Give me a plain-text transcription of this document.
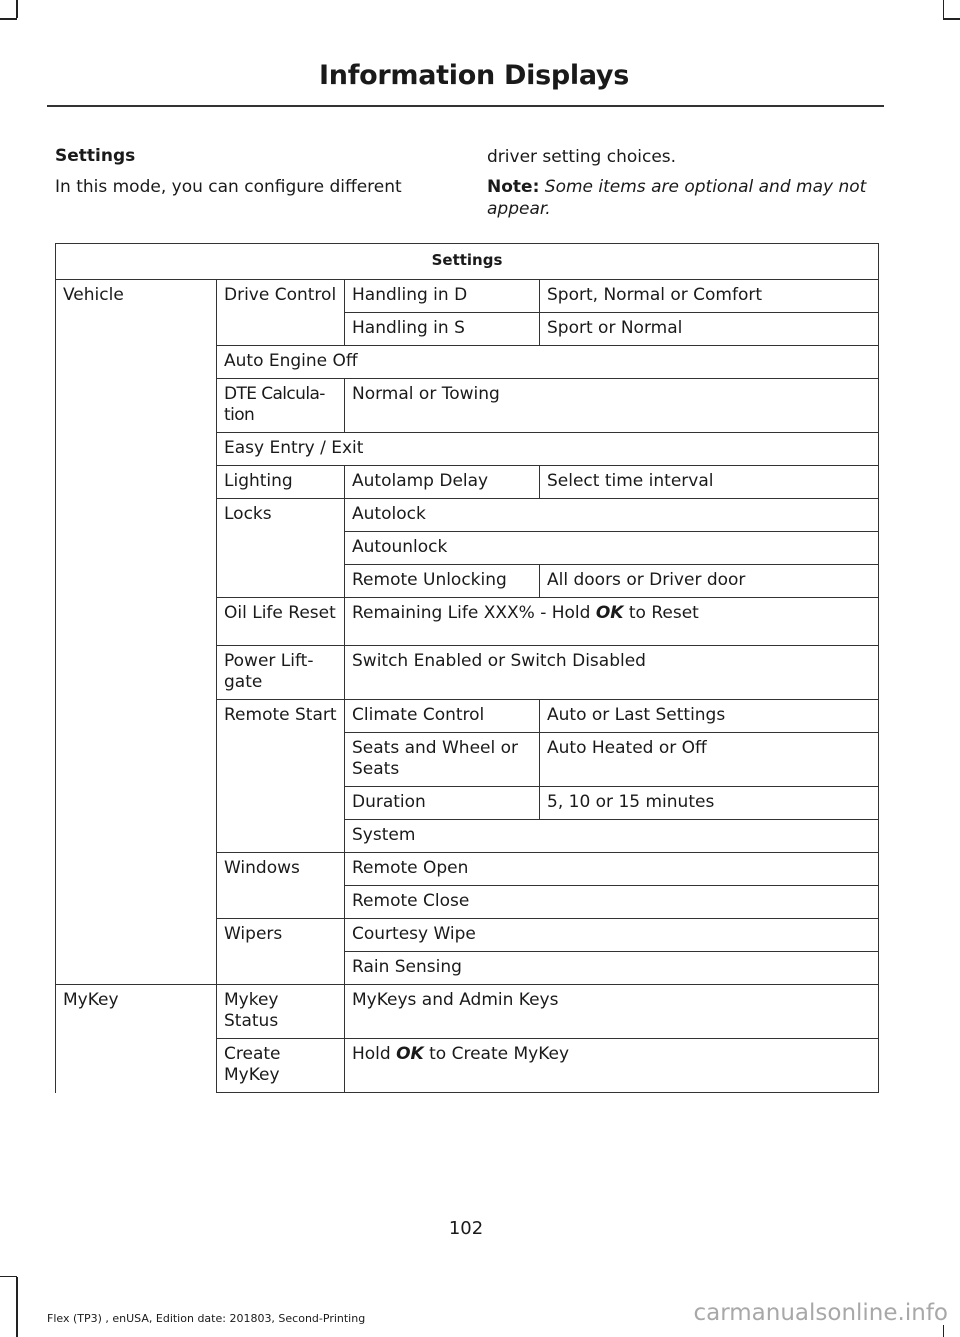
Information Displays
Settings
In this mode, you can configure different
driver setting choices.
Note: Some items are optional and may not appear.
Settings			
Vehicle	Drive Control	Handling in D	Sport, Normal or Comfort
		Handling in S	Sport or Normal
	Auto Engine Off		
	DTE Calcula- tion	Normal or Towing	
	Easy Entry / Exit		
	Lighting	Autolamp Delay	Select time interval
	Locks	Autolock	
		Autounlock	
		Remote Unlocking	All doors or Driver door
	Oil Life Reset	Remaining Life XXX% - Hold OK to Reset	
	Power Lift- gate	Switch Enabled or Switch Disabled	
	Remote Start	Climate Control	Auto or Last Settings
		Seats and Wheel or Seats	Auto Heated or Off
		Duration	5, 10 or 15 minutes
		System	
	Windows	Remote Open	
		Remote Close	
	Wipers	Courtesy Wipe	
		Rain Sensing	

MyKey	Mykey Status	MyKeys and Admin Keys	
	Create MyKey	Hold OK to Create MyKey	
102
Flex (TP3) , enUSA, Edition date: 201803, Second-Printing	carmanualsonline.info
